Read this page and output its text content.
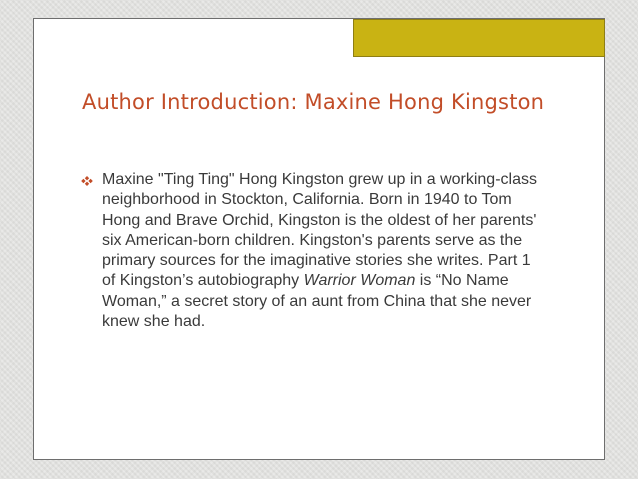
Author Introduction: Maxine Hong Kingston

Maxine "Ting Ting" Hong Kingston grew up in a working-class neighborhood in Stockton, California. Born in 1940 to Tom Hong and Brave Orchid, Kingston is the oldest of her parents' six American-born children. Kingston's parents serve as the primary sources for the imaginative stories she writes. Part 1 of Kingston’s autobiography Warrior Woman is “No Name Woman,” a secret story of an aunt from China that she never knew she had.
